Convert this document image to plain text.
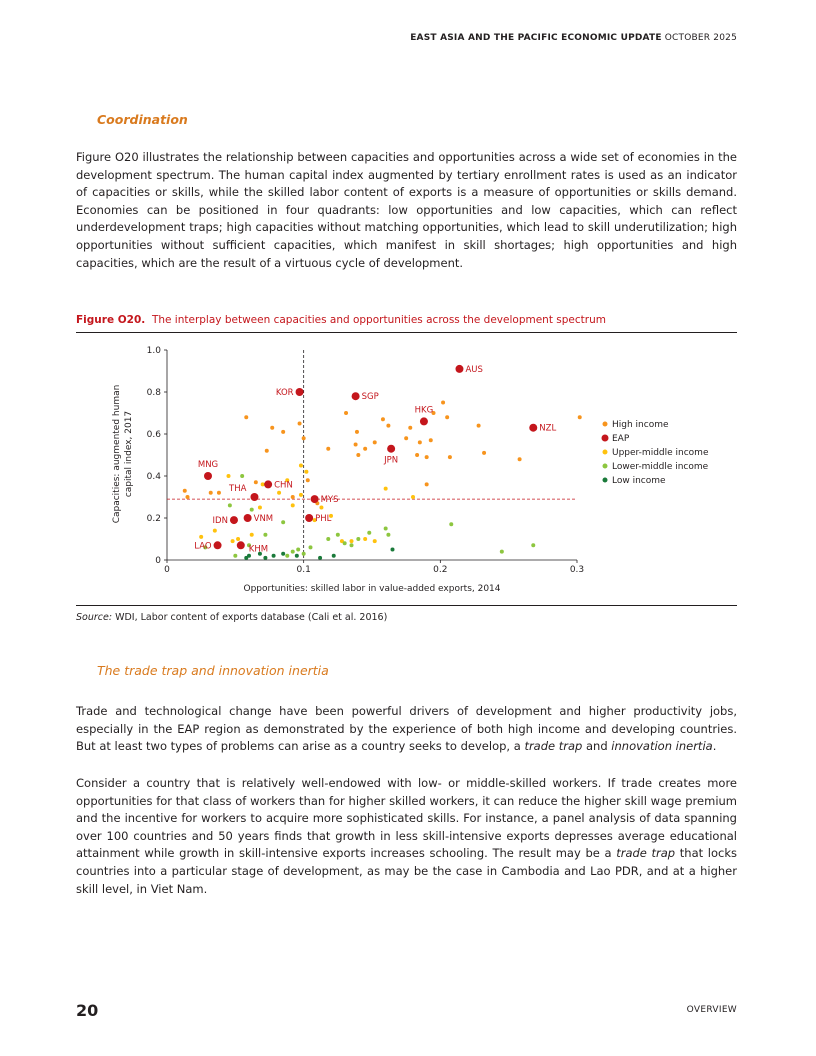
EAST ASIA AND THE PACIFIC ECONOMIC UPDATE OCTOBER 2025
Coordination

Figure O20 illustrates the relationship between capacities and opportunities across a wide set of economies in the development spectrum. The human capital index augmented by tertiary enrollment rates is used as an indicator of capacities or skills, while the skilled labor content of exports is a measure of opportunities or skills demand. Economies can be positioned in four quadrants: low opportunities and low capacities, which can reflect underdevelopment traps; high capacities without matching opportunities, which lead to skill underutilization; high opportunities without sufficient capacities, which manifest in skill shortages; high opportunities and high capacities, which are the result of a virtuous cycle of development.

Figure O20. The interplay between capacities and opportunities across the development spectrum
0
0.2
0.4
0.6
0.8
1.0
0	0.1	0.2	0.3
AUS
KOR	SGP
HKG
NZL
JPN
MNG
CHN
THA
MYS
IDN	VNM	PHL
LAO	KHM
High income
EAP
Upper-middle income
Lower-middle income
Low income
Capacities: augmented human capital index, 2017
Opportunities: skilled labor in value-added exports, 2014
Source: WDI, Labor content of exports database (Cali et al. 2016)
The trade trap and innovation inertia

Trade and technological change have been powerful drivers of development and higher productivity jobs, especially in the EAP region as demonstrated by the experience of both high income and developing countries. But at least two types of problems can arise as a country seeks to develop, a trade trap and innovation inertia.

Consider a country that is relatively well-endowed with low- or middle-skilled workers. If trade creates more opportunities for that class of workers than for higher skilled workers, it can reduce the higher skill wage premium and the incentive for workers to acquire more sophisticated skills. For instance, a panel analysis of data spanning over 100 countries and 50 years finds that growth in less skill-intensive exports depresses average educational attainment while growth in skill-intensive exports increases schooling. The result may be a trade trap that locks countries into a particular stage of development, as may be the case in Cambodia and Lao PDR, and at a higher skill level, in Viet Nam.

20	OVERVIEW
